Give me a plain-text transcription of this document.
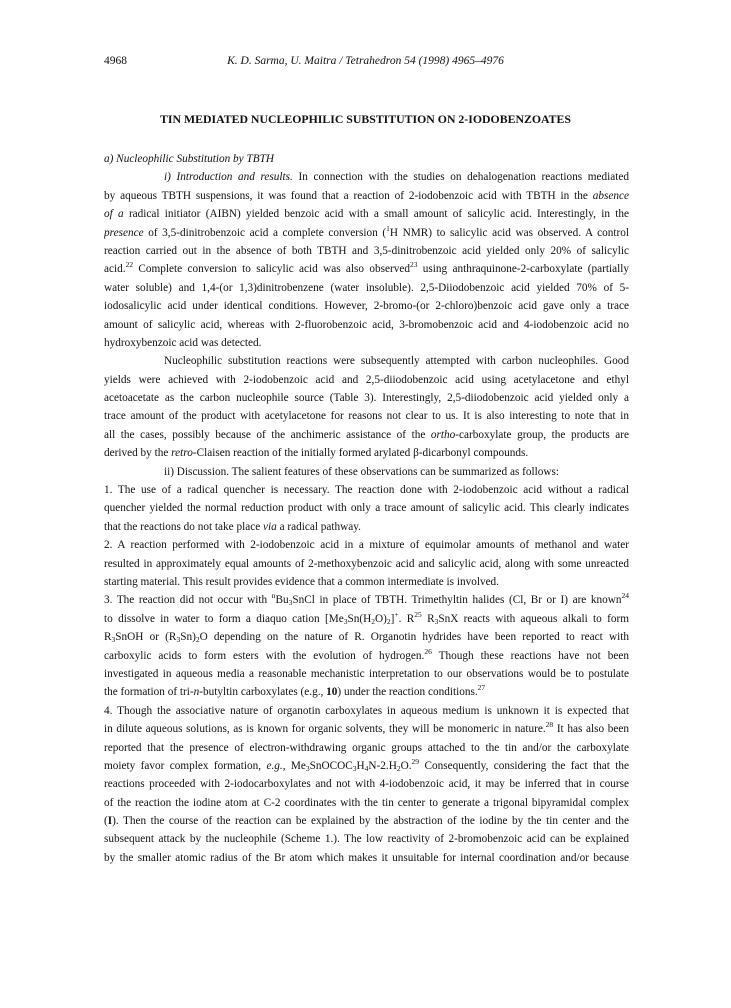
4968	K. D. Sarma, U. Maitra / Tetrahedron 54 (1998) 4965–4976
TIN MEDIATED NUCLEOPHILIC SUBSTITUTION ON 2-IODOBENZOATES
a) Nucleophilic Substitution by TBTH
i) Introduction and results. In connection with the studies on dehalogenation reactions mediated
by aqueous TBTH suspensions, it was found that a reaction of 2-iodobenzoic acid with TBTH in the absence
of a radical initiator (AIBN) yielded benzoic acid with a small amount of salicylic acid. Interestingly, in the
presence of 3,5-dinitrobenzoic acid a complete conversion ($^1$H NMR) to salicylic acid was observed. A control
reaction carried out in the absence of both TBTH and 3,5-dinitrobenzoic acid yielded only 20% of salicylic
acid.$^{22}$ Complete conversion to salicylic acid was also observed$^{23}$ using anthraquinone-2-carboxylate (partially
water soluble) and 1,4-(or 1,3)dinitrobenzene (water insoluble). 2,5-Diiodobenzoic acid yielded 70% of 5-
iodosalicylic acid under identical conditions. However, 2-bromo-(or 2-chloro)benzoic acid gave only a trace
amount of salicylic acid, whereas with 2-fluorobenzoic acid, 3-bromobenzoic acid and 4-iodobenzoic acid no
hydroxybenzoic acid was detected.
Nucleophilic substitution reactions were subsequently attempted with carbon nucleophiles. Good
yields were achieved with 2-iodobenzoic acid and 2,5-diiodobenzoic acid using acetylacetone and ethyl
acetoacetate as the carbon nucleophile source (Table 3). Interestingly, 2,5-diiodobenzoic acid yielded only a
trace amount of the product with acetylacetone for reasons not clear to us. It is also interesting to note that in
all the cases, possibly because of the anchimeric assistance of the ortho-carboxylate group, the products are
derived by the retro-Claisen reaction of the initially formed arylated β-dicarbonyl compounds.
ii) Discussion. The salient features of these observations can be summarized as follows:
1. The use of a radical quencher is necessary. The reaction done with 2-iodobenzoic acid without a radical
quencher yielded the normal reduction product with only a trace amount of salicylic acid. This clearly indicates
that the reactions do not take place via a radical pathway.
2. A reaction performed with 2-iodobenzoic acid in a mixture of equimolar amounts of methanol and water
resulted in approximately equal amounts of 2-methoxybenzoic acid and salicylic acid, along with some unreacted
starting material. This result provides evidence that a common intermediate is involved.
3. The reaction did not occur with $^nBu_3SnCl$ in place of TBTH. Trimethyltin halides (Cl, Br or I) are known$^{24}$
to dissolve in water to form a diaquo cation $[Me_3Sn(H_2O)_2]^+$. $R^{25}$ $R_3SnX$ reacts with aqueous alkali to form
$R_3SnOH$ or $(R_3Sn)_2O$ depending on the nature of R. Organotin hydrides have been reported to react with
carboxylic acids to form esters with the evolution of hydrogen.$^{26}$ Though these reactions have not been
investigated in aqueous media a reasonable mechanistic interpretation to our observations would be to postulate
the formation of tri-n-butyltin carboxylates (e.g., 10) under the reaction conditions.$^{27}$
4. Though the associative nature of organotin carboxylates in aqueous medium is unknown it is expected that
in dilute aqueous solutions, as is known for organic solvents, they will be monomeric in nature.$^{28}$ It has also been
reported that the presence of electron-withdrawing organic groups attached to the tin and/or the carboxylate
moiety favor complex formation, e.g., $Me_3SnOCOC_3H_4N-2.H_2O.^{29}$ Consequently, considering the fact that the
reactions proceeded with 2-iodocarboxylates and not with 4-iodobenzoic acid, it may be inferred that in course
of the reaction the iodine atom at C-2 coordinates with the tin center to generate a trigonal bipyramidal complex
(I). Then the course of the reaction can be explained by the abstraction of the iodine by the tin center and the
subsequent attack by the nucleophile (Scheme 1.). The low reactivity of 2-bromobenzoic acid can be explained
by the smaller atomic radius of the Br atom which makes it unsuitable for internal coordination and/or because
